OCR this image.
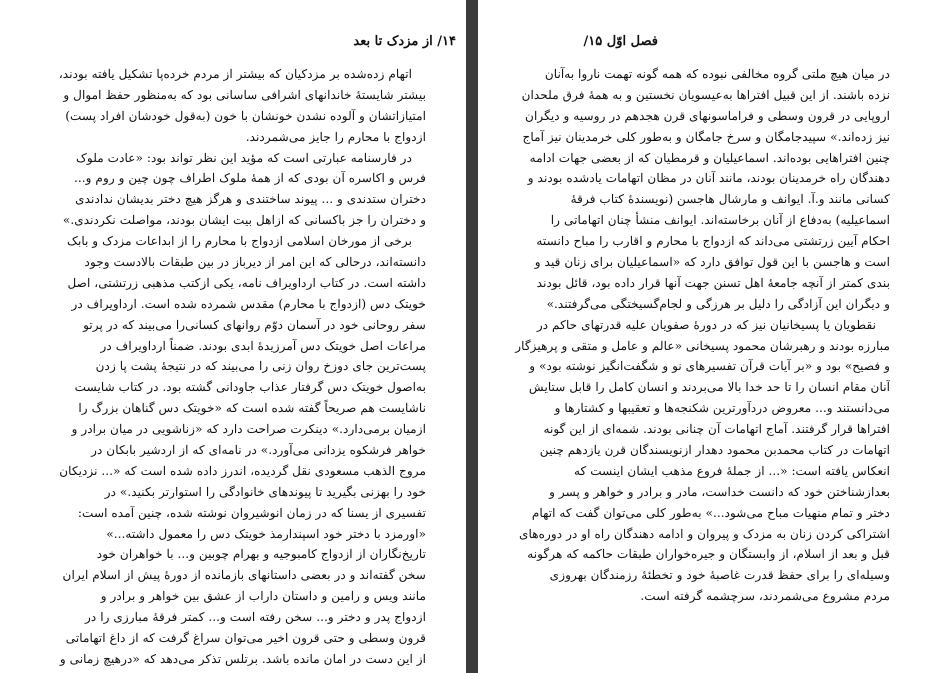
۱۴/ از مزدک تا بعد
اتهام زده‌شده بر مزدکیان که بیشتر از مردم خرده‌پا تشکیل یافته بودند،
بیشتر شایستهٔ خاندانهای اشرافی ساسانی بود که به‌منظور حفظ اموال و
امتیازاتشان و آلوده نشدن خونشان با خون (به‌قول خودشان افراد پست)
ازدواج با محارم را جایز می‌شمردند.
در فارسنامه عبارتی است که مؤید این نظر تواند بود: «عادت ملوک
فرس و اکاسره آن بودی که از همهٔ ملوک اطراف چون چین و روم و...
دختران ستدندی و ... پیوند ساختندی و هرگز هیچ دختر بدیشان ندادندی
و دختران را جز باکسانی که ازاهل بیت ایشان بودند، مواصلت نکردندی.»
برخی از مورخان اسلامی ازدواج با محارم را از ابداعات مزدک و بابک
دانسته‌اند، درحالی که این امر از دیرباز در بین طبقات بالادست وجود
داشته است. در کتاب ارداویراف نامه، یکی ازکتب مذهبی زرتشتی، اصل
خویتک دس (ازدواج با محارم) مقدس شمرده شده است. ارداویراف در
سفر روحانی خود در آسمان دوّم روانهای کسانی‌را می‌بیند که در پرتو
مراعات اصل خویتک دس آمرزیدهٔ ابدی بودند. ضمناً ارداویراف در
پست‌ترین جای دوزخ روان زنی را می‌بیند که در نتیجهٔ پشت پا زدن
به‌اصول خویتک دس گرفتار عذاب جاودانی گشته بود. در کتاب شایست
ناشایست هم صریحاً گفته شده است که «خویتک دس گناهان بزرگ را
ازمیان برمی‌دارد.» دینکرت صراحت دارد که «زناشویی در میان برادر و
خواهر فرشکوه یزدانی می‌آورد.» در نامه‌ای که از اردشیر بابکان در
مروج الذهب مسعودی نقل گردیده، اندرز داده شده است که «... نزدیکان
خود را بهزنی بگیرید تا پیوندهای خانوادگی را استوارتر بکنید.» در
تفسیری از یسنا که در زمان انوشیروان نوشته شده، چنین آمده است:
«اورمزد با دختر خود اسپندارمذ خویتک دس را معمول داشته...»
تاریخ‌نگاران از ازدواج کامبوجیه و بهرام چوبین و... با خواهران خود
سخن گفته‌اند و در بعضی داستانهای بازمانده از دورهٔ پیش از اسلام ایران
مانند ویس و رامین و داستان داراب از عشق بین خواهر و برادر و
ازدواج پدر و دختر و... سخن رفته است و... کمتر فرقهٔ مبارزی را در
قرون وسطی و حتی قرون اخیر می‌توان سراغ گرفت که از داغ اتهاماتی
از این دست در امان مانده باشد. برتلس تذکر می‌دهد که «درهیچ زمانی و
فصل اوّل ۱۵/
در میان هیچ ملتی گروه مخالفی نبوده که همه گونه تهمت ناروا به‌آنان
نزده باشند. از این قبیل افترا‌ها به‌عیسویان نخستین و به همهٔ فرق ملحدان
اروپایی در قرون وسطی و فراماسونهای قرن هجدهم در روسیه و دیگران
نیز زده‌اند.» سپیدجامگان و سرخ جامگان و به‌طور کلی خرمدینان نیز آماج
چنین افتراهایی بوده‌اند. اسماعیلیان و قرمطیان که از بعضی جهات ادامه
دهندگان راه خرمدینان بودند، مانند آنان در مظان اتهامات یادشده بودند و
کسانی مانند و.آ. ایوانف و مارشال هاجسن (نویسندهٔ کتاب فرقهٔ
اسماعیلیه) به‌دفاع از آنان برخاسته‌اند. ایوانف منشأ چنان اتهاماتی را
احکام آیین زرتشتی می‌داند که ازدواج با محارم و اقارب را مباح دانسته
است و هاجسن با این قول توافق دارد که «اسماعیلیان برای زنان قید و
بندی کمتر از آنچه جامعهٔ اهل تسنن جهت آنها قرار داده بود، قائل بودند
و دیگران این آزادگی را دلیل بر هرزگی و لجام‌گسیختگی می‌گرفتند.»
نقطویان یا پسیخانیان نیز که در دورهٔ صفویان علیه قدرتهای حاکم در
مبارزه بودند و رهبرشان محمود پسیخانی «عالم و عامل و متقی و پرهیزگار
و فصیح» بود و «بر آیات قرآن تفسیرهای نو و شگفت‌انگیز نوشته بود» و
آنان مقام انسان را تا حد خدا بالا می‌بردند و انسان کامل را قابل ستایش
می‌دانستند و... معروض دردآورترین شکنجه‌ها و تعقیبها و کشتارها و
افتراها قرار گرفتند. آماج اتهامات آن چنانی بودند. شمه‌ای از این گونه
اتهامات در کتاب محمدبن محمود دهدار ازنویسندگان قرن یازدهم چنین
انعکاس یافته است: «... از جملهٔ فروع مذهب ایشان اینست که
بعدازشناختن خود که دانست خداست، مادر و برادر و خواهر و پسر و
دختر و تمام منهیات مباح می‌شود...» به‌طور کلی می‌توان گفت که اتهام
اشتراکی کردن زنان به مزدک و پیروان و ادامه دهندگان راه او در دوره‌های
قبل و بعد از اسلام، از وابستگان و جیره‌خواران طبقات حاکمه که هرگونه
وسیله‌ای را برای حفظ قدرت غاصبهٔ خود و تخطئهٔ رزمندگان بهروزی
مردم مشروع می‌شمردند، سرچشمه گرفته است.
